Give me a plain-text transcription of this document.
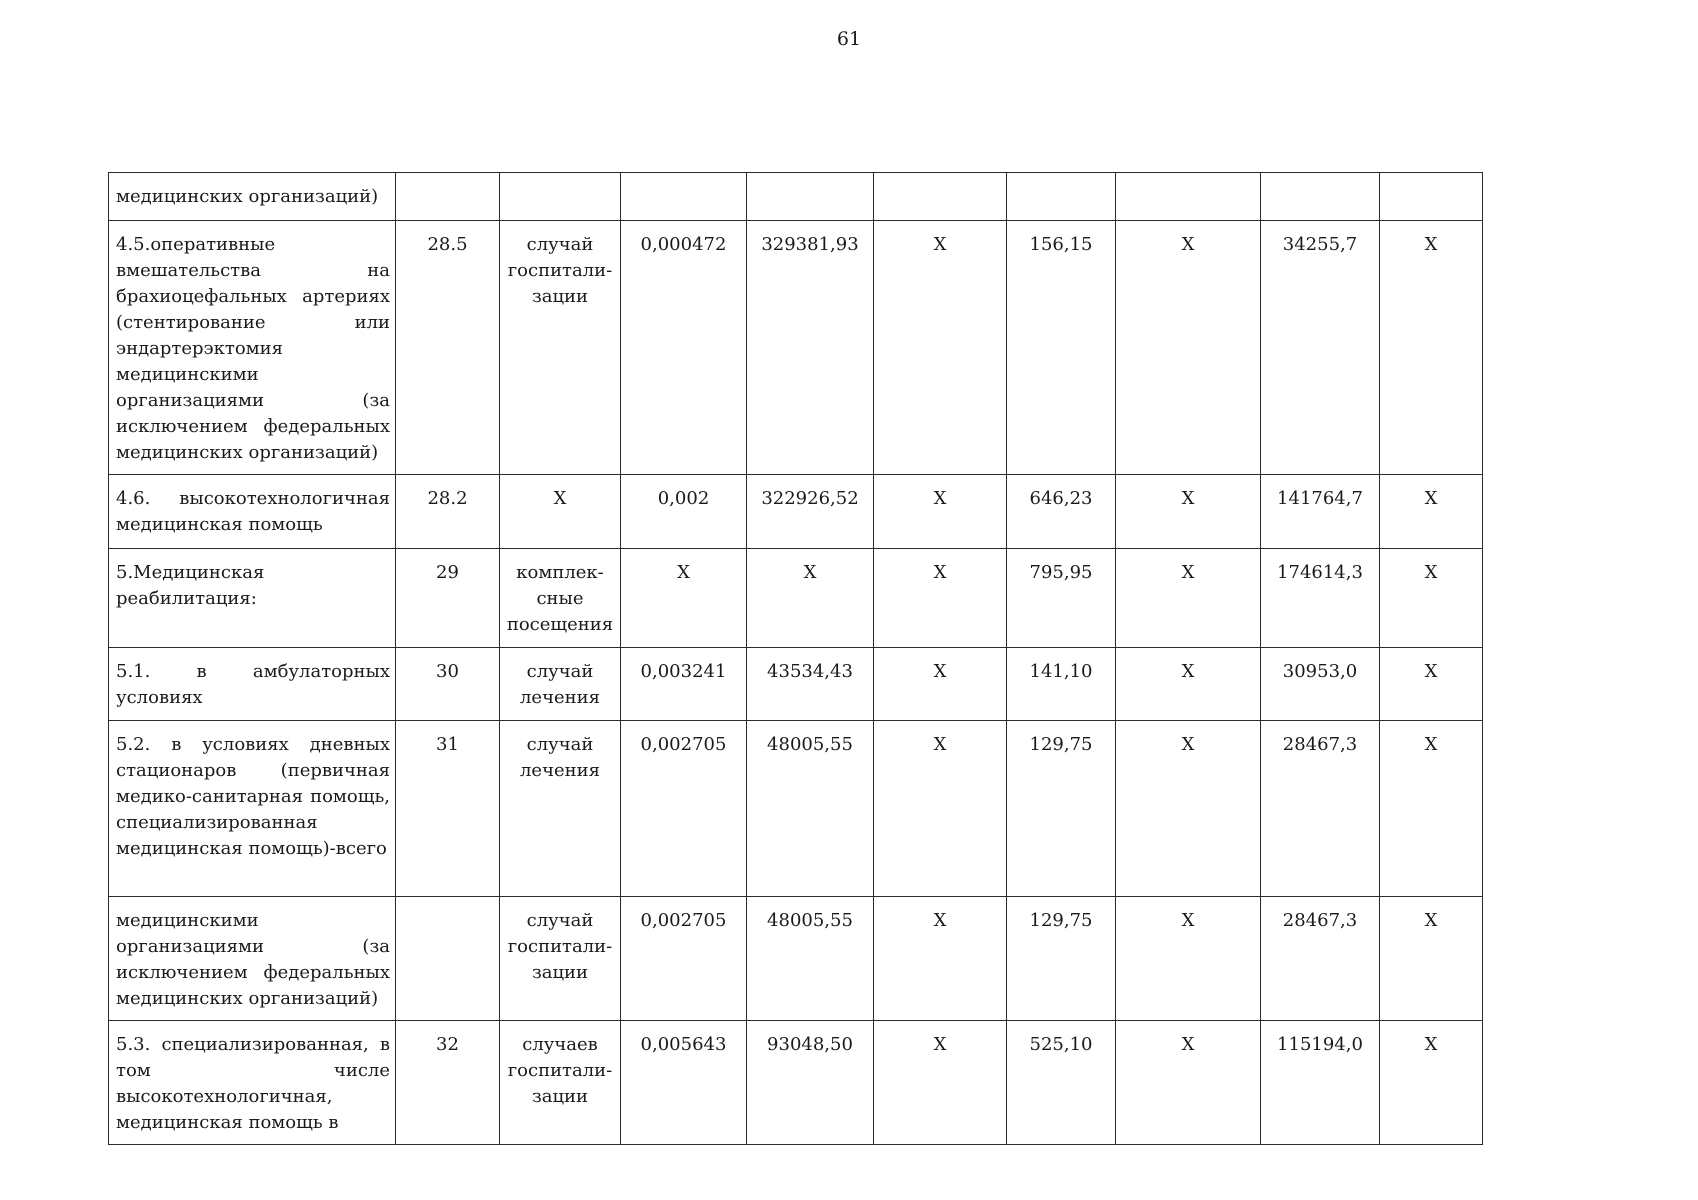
61
медицинских организаций)									
4.5.оперативные вмешательства на брахиоцефальных артериях (стентирование или эндартерэктомия медицинскими организациями (за исключением федеральных медицинских организаций)	28.5	случай госпитали-зации	0,000472	329381,93	Х	156,15	Х	34255,7	Х
4.6. высокотехнологичная медицинская помощь	28.2	Х	0,002	322926,52	Х	646,23	Х	141764,7	Х
5.Медицинская реабилитация:	29	комплек-сные посещения	Х	Х	Х	795,95	Х	174614,3	Х
5.1. в амбулаторных условиях	30	случай лечения	0,003241	43534,43	Х	141,10	Х	30953,0	Х
5.2. в условиях дневных стационаров (первичная медико-санитарная помощь, специализированная медицинская помощь)-всего	31	случай лечения	0,002705	48005,55	Х	129,75	Х	28467,3	Х
медицинскими организациями (за исключением федеральных медицинских организаций)		случай госпитали-зации	0,002705	48005,55	Х	129,75	Х	28467,3	Х
5.3. специализированная, в том числе высокотехнологичная, медицинская помощь в	32	случаев госпитали-зации	0,005643	93048,50	Х	525,10	Х	115194,0	Х
